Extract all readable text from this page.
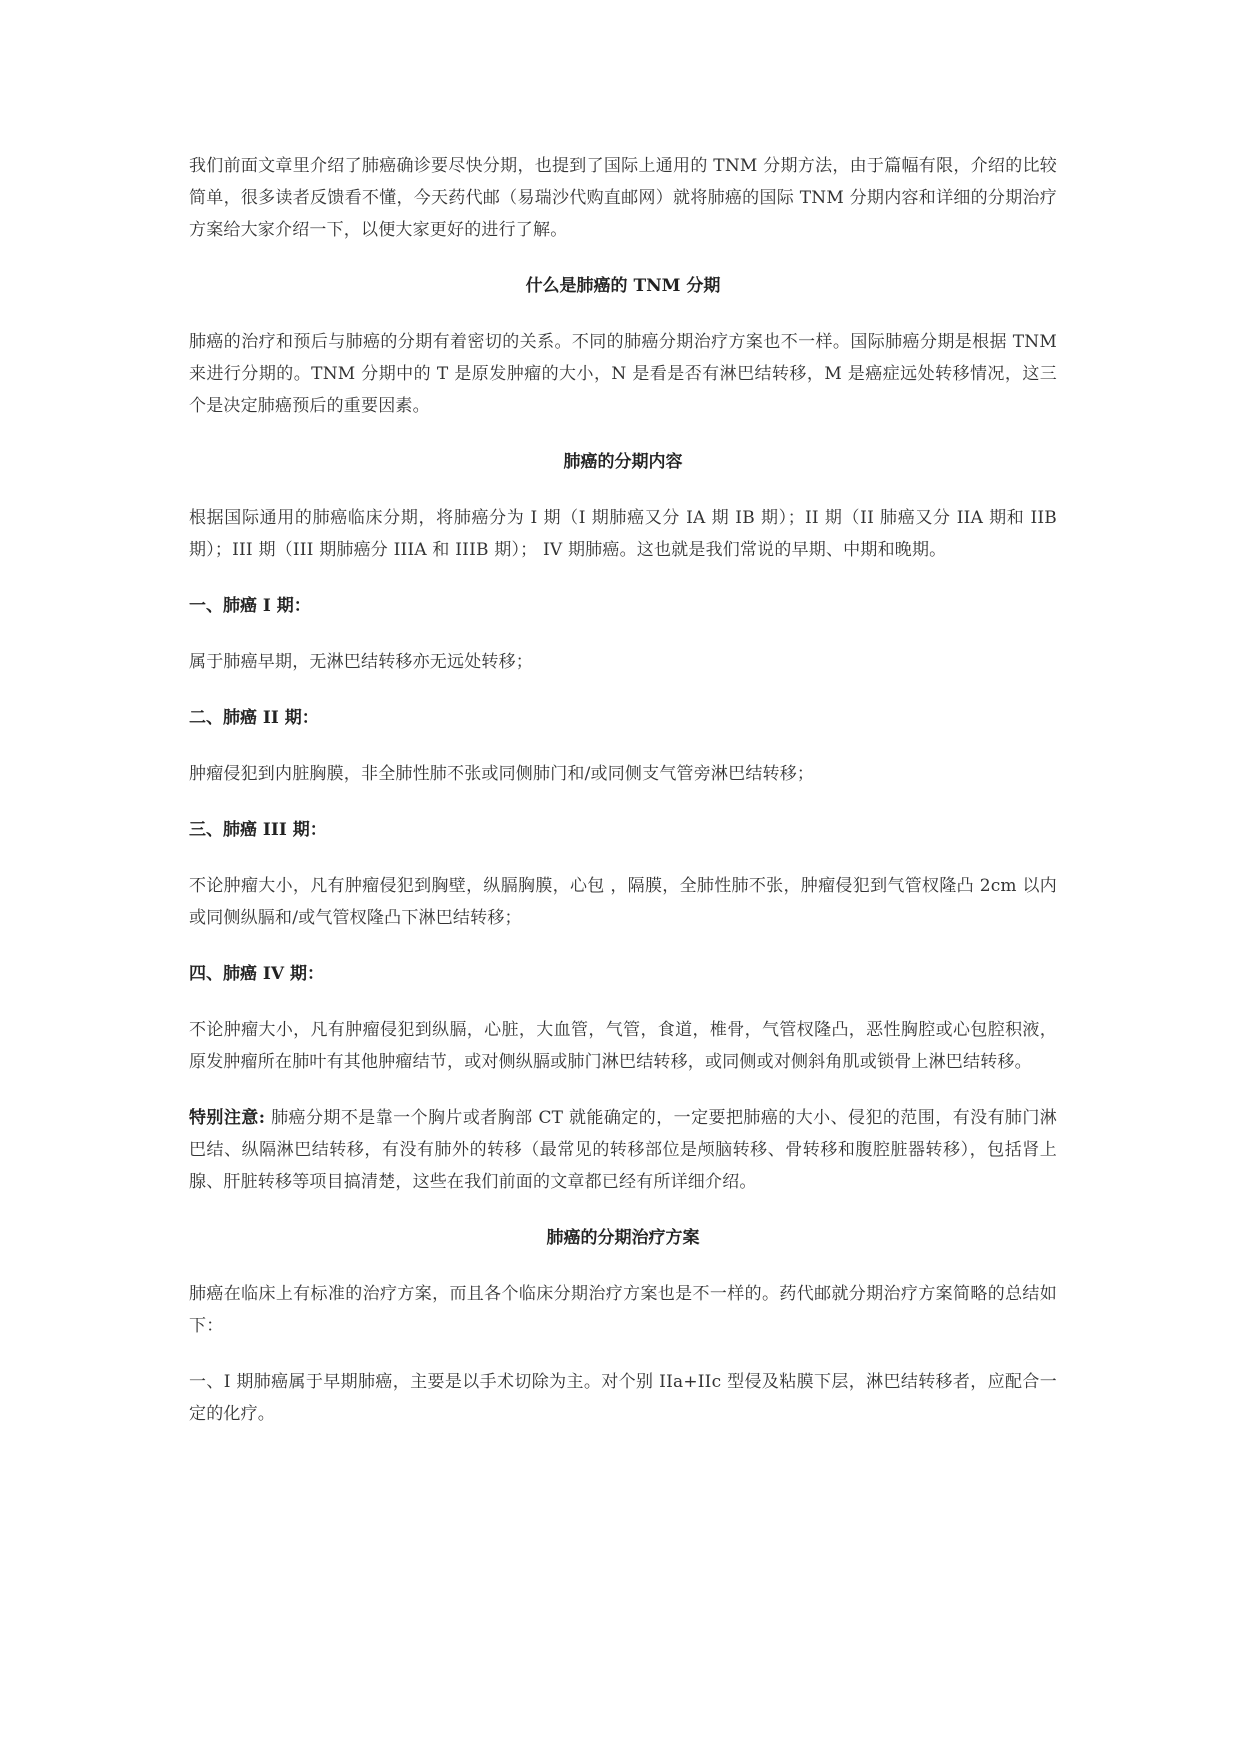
我们前面文章里介绍了肺癌确诊要尽快分期，也提到了国际上通用的 TNM 分期方法，由于篇幅有限，介绍的比较简单，很多读者反馈看不懂，今天药代邮（易瑞沙代购直邮网）就将肺癌的国际 TNM 分期内容和详细的分期治疗方案给大家介绍一下，以便大家更好的进行了解。

什么是肺癌的 TNM 分期

肺癌的治疗和预后与肺癌的分期有着密切的关系。不同的肺癌分期治疗方案也不一样。国际肺癌分期是根据 TNM 来进行分期的。TNM 分期中的 T 是原发肿瘤的大小，N 是看是否有淋巴结转移，M 是癌症远处转移情况，这三个是决定肺癌预后的重要因素。

肺癌的分期内容

根据国际通用的肺癌临床分期，将肺癌分为 I 期（I 期肺癌又分 IA 期 IB 期）；II 期（II 肺癌又分 IIA 期和 IIB 期）；III 期（III 期肺癌分 IIIA 和 IIIB 期）； IV 期肺癌。这也就是我们常说的早期、中期和晚期。

一、肺癌 I 期：

属于肺癌早期，无淋巴结转移亦无远处转移；

二、肺癌 II 期：

肿瘤侵犯到内脏胸膜，非全肺性肺不张或同侧肺门和/或同侧支气管旁淋巴结转移；

三、肺癌 III 期：

不论肿瘤大小，凡有肿瘤侵犯到胸壁，纵膈胸膜，心包 ，隔膜，全肺性肺不张，肿瘤侵犯到气管杈隆凸 2cm 以内或同侧纵膈和/或气管杈隆凸下淋巴结转移；

四、肺癌 IV 期：

不论肿瘤大小，凡有肿瘤侵犯到纵膈，心脏，大血管，气管，食道，椎骨，气管杈隆凸，恶性胸腔或心包腔积液，原发肿瘤所在肺叶有其他肿瘤结节，或对侧纵膈或肺门淋巴结转移，或同侧或对侧斜角肌或锁骨上淋巴结转移。

特别注意: 肺癌分期不是靠一个胸片或者胸部 CT 就能确定的，一定要把肺癌的大小、侵犯的范围，有没有肺门淋巴结、纵隔淋巴结转移，有没有肺外的转移（最常见的转移部位是颅脑转移、骨转移和腹腔脏器转移），包括肾上腺、肝脏转移等项目搞清楚，这些在我们前面的文章都已经有所详细介绍。

肺癌的分期治疗方案

肺癌在临床上有标准的治疗方案，而且各个临床分期治疗方案也是不一样的。药代邮就分期治疗方案简略的总结如下：

一、I 期肺癌属于早期肺癌，主要是以手术切除为主。对个别 IIa+IIc 型侵及粘膜下层，淋巴结转移者，应配合一定的化疗。
